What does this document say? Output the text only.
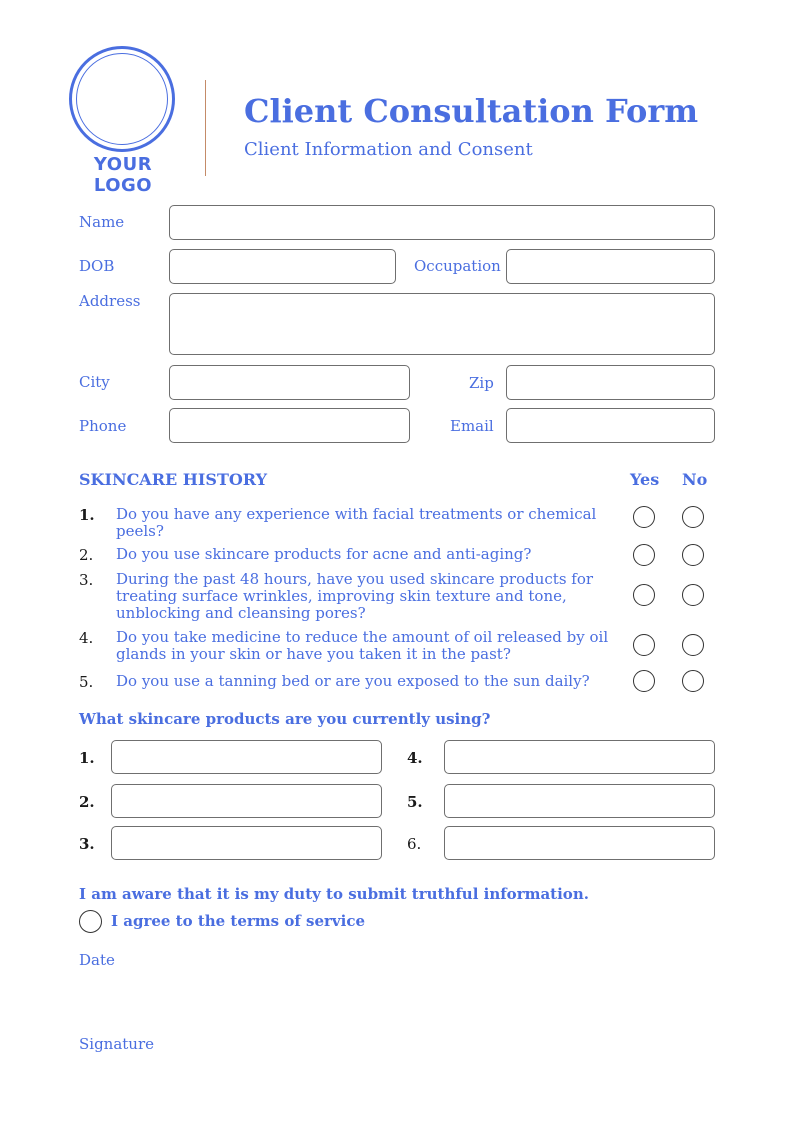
YOUR LOGO
Client Consultation Form
Client Information and Consent
Name
DOB	Occupation
Address
City	Zip
Phone	Email
SKINCARE HISTORY	Yes No
1. Do you have any experience with facial treatments or chemical peels?
2. Do you use skincare products for acne and anti-aging?
3. During the past 48 hours, have you used skincare products for treating surface wrinkles, improving skin texture and tone, unblocking and cleansing pores?
4. Do you take medicine to reduce the amount of oil released by oil glands in your skin or have you taken it in the past?
5. Do you use a tanning bed or are you exposed to the sun daily?
What skincare products are you currently using?
1.
2.
3.
4.
5.
6.
I am aware that it is my duty to submit truthful information.
I agree to the terms of service
Date
Signature
